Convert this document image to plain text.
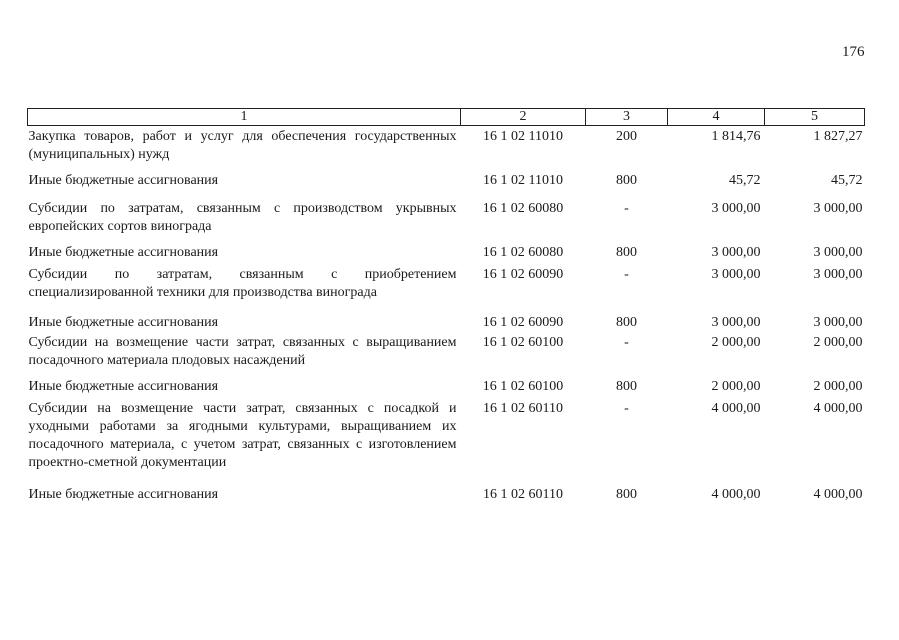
176
1	2	3	4	5
Закупка товаров, работ и услуг для обеспечения государственных (муниципальных) нужд	16 1 02 11010	200	1 814,76	1 827,27
Иные бюджетные ассигнования	16 1 02 11010	800	45,72	45,72
Субсидии по затратам, связанным с производством укрывных европейских сортов винограда	16 1 02 60080	-	3 000,00	3 000,00
Иные бюджетные ассигнования	16 1 02 60080	800	3 000,00	3 000,00
Субсидии по затратам, связанным с приобретением специализированной техники для производства винограда	16 1 02 60090	-	3 000,00	3 000,00
Иные бюджетные ассигнования	16 1 02 60090	800	3 000,00	3 000,00
Субсидии на возмещение части затрат, связанных с выращиванием посадочного материала плодовых насаждений	16 1 02 60100	-	2 000,00	2 000,00
Иные бюджетные ассигнования	16 1 02 60100	800	2 000,00	2 000,00
Субсидии на возмещение части затрат, связанных с посадкой и уходными работами за ягодными культурами, выращиванием их посадочного материала, с учетом затрат, связанных с изготовлением проектно-сметной документации	16 1 02 60110	-	4 000,00	4 000,00
Иные бюджетные ассигнования	16 1 02 60110	800	4 000,00	4 000,00
